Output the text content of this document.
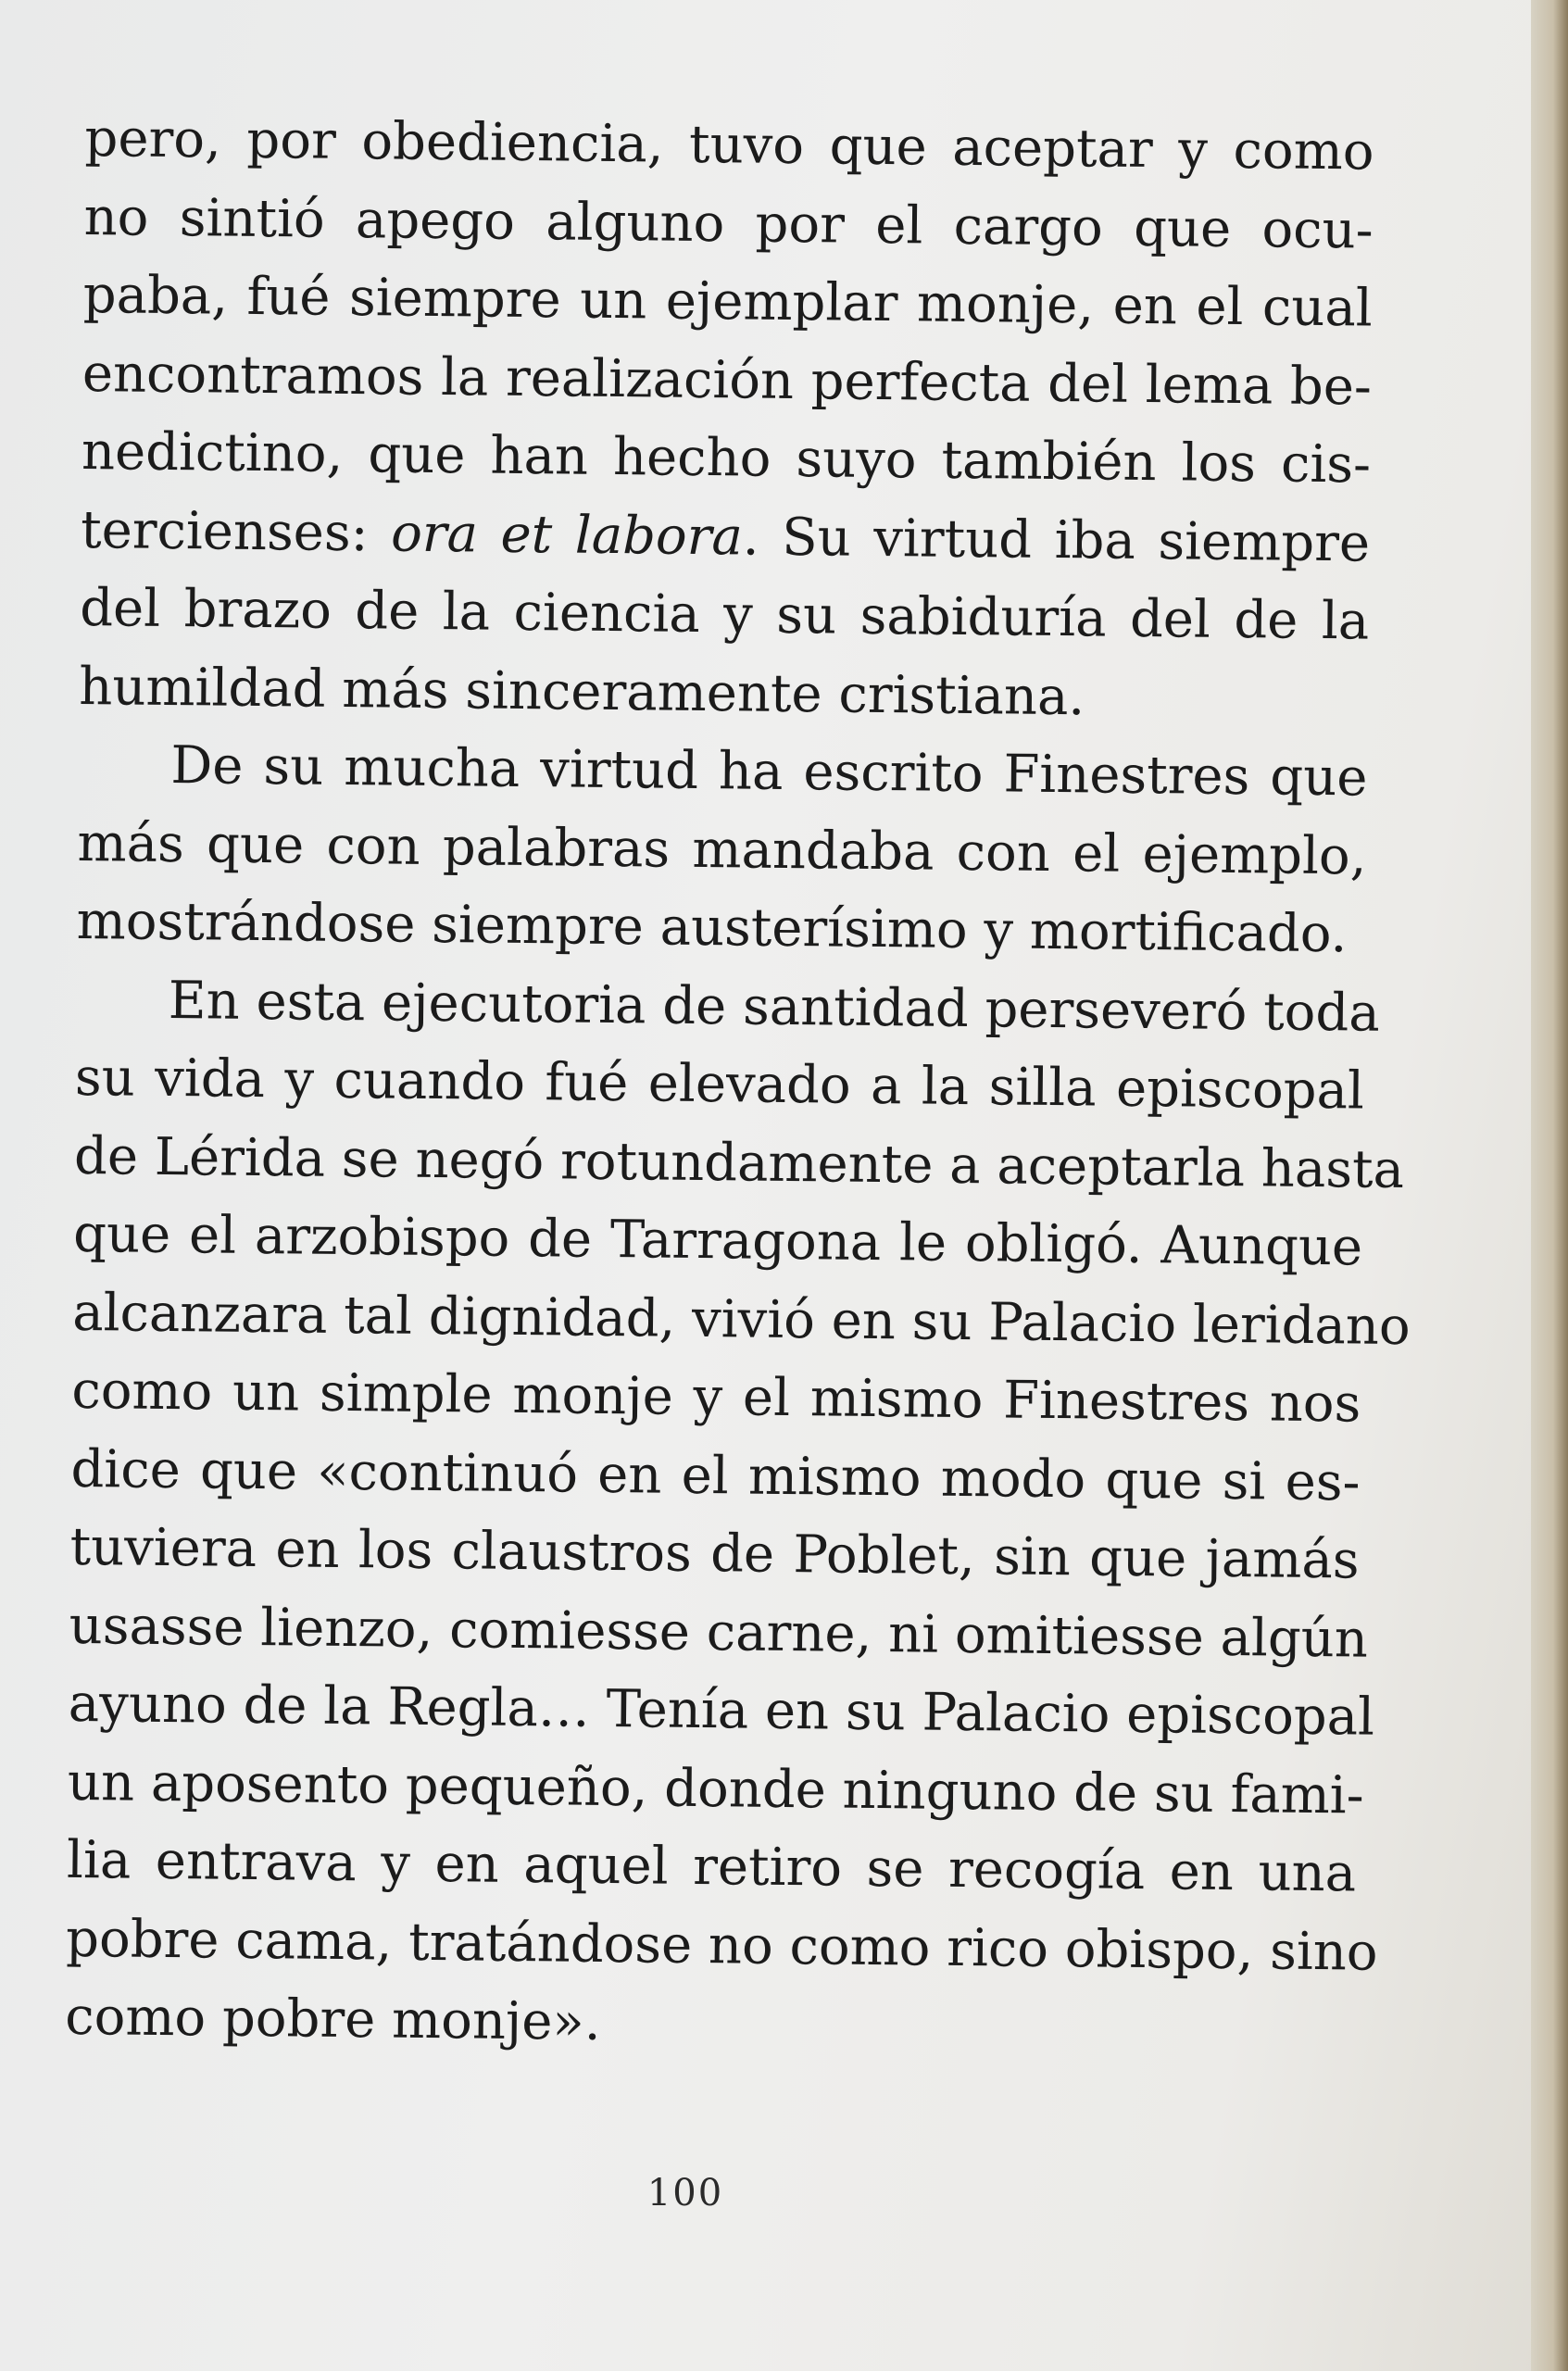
pero, por obediencia, tuvo que aceptar y como
no sintió apego alguno por el cargo que ocu-
paba, fué siempre un ejemplar monje, en el cual
encontramos la realización perfecta del lema be-
nedictino, que han hecho suyo también los cis-
tercienses: ora et labora. Su virtud iba siempre
del brazo de la ciencia y su sabiduría del de la
humildad más sinceramente cristiana.
De su mucha virtud ha escrito Finestres que
más que con palabras mandaba con el ejemplo,
mostrándose siempre austerísimo y mortificado.
En esta ejecutoria de santidad perseveró toda
su vida y cuando fué elevado a la silla episcopal
de Lérida se negó rotundamente a aceptarla hasta
que el arzobispo de Tarragona le obligó. Aunque
alcanzara tal dignidad, vivió en su Palacio leridano
como un simple monje y el mismo Finestres nos
dice que «continuó en el mismo modo que si es-
tuviera en los claustros de Poblet, sin que jamás
usasse lienzo, comiesse carne, ni omitiesse algún
ayuno de la Regla… Tenía en su Palacio episcopal
un aposento pequeño, donde ninguno de su fami-
lia entrava y en aquel retiro se recogía en una
pobre cama, tratándose no como rico obispo, sino
como pobre monje».
100
